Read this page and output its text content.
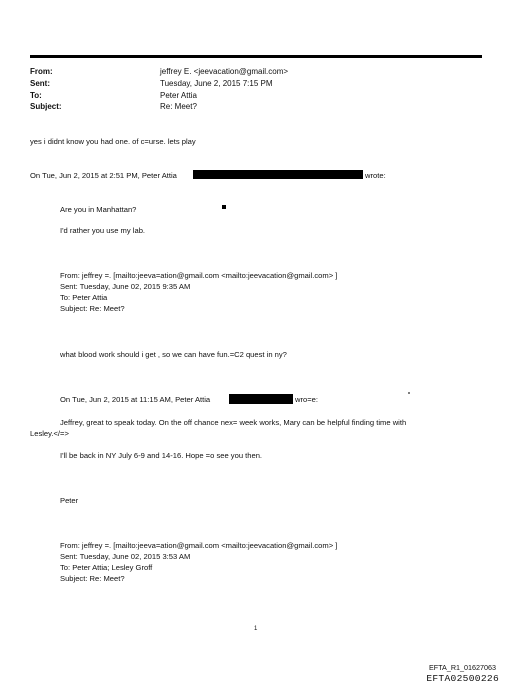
From:	jeffrey E. <jeevacation@gmail.com>
Sent:	Tuesday, June 2, 2015 7:15 PM
To:	Peter Attia
Subject:	Re: Meet?
yes i didnt know you had one. of c=urse. lets play
On Tue, Jun 2, 2015 at 2:51 PM, Peter Attia	wrote:
Are you in Manhattan?
I'd rather you use my lab.
From: jeffrey =. [mailto:jeeva=ation@gmail.com <mailto:jeevacation@gmail.com> ]
Sent: Tuesday, June 02, 2015 9:35 AM
To: Peter Attia
Subject: Re: Meet?
what blood work should i get , so we can have fun.=C2 quest in ny?
On Tue, Jun 2, 2015 at 11:15 AM, Peter Attia	wro=e:
Jeffrey, great to speak today. On the off chance nex= week works, Mary can be helpful finding time with
Lesley.</=>
I'll be back in NY July 6-9 and 14-16. Hope =o see you then.
Peter
From: jeffrey =. [mailto:jeeva=ation@gmail.com <mailto:jeevacation@gmail.com> ]
Sent: Tuesday, June 02, 2015 3:53 AM
To: Peter Attia; Lesley Groff
Subject: Re: Meet?
1
EFTA_R1_01627063
EFTA02500226
